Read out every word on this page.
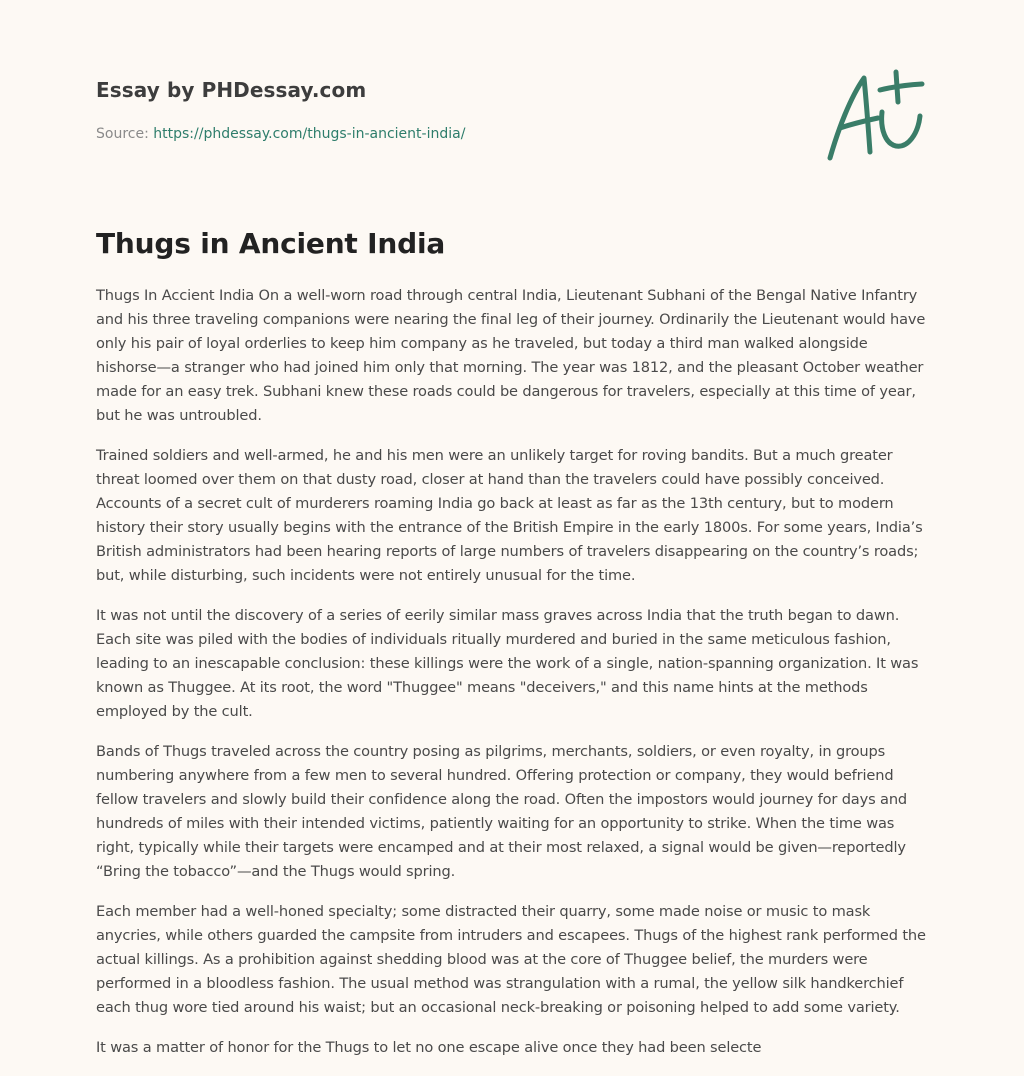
Essay by PHDessay.com
Source: https://phdessay.com/thugs-in-ancient-india/
Thugs in Ancient India

Thugs In Accient India On a well-worn road through central India, Lieutenant Subhani of the Bengal Native Infantry and his three traveling companions were nearing the final leg of their journey. Ordinarily the Lieutenant would have only his pair of loyal orderlies to keep him company as he traveled, but today a third man walked alongside hishorse—a stranger who had joined him only that morning. The year was 1812, and the pleasant October weather made for an easy trek. Subhani knew these roads could be dangerous for travelers, especially at this time of year, but he was untroubled.

Trained soldiers and well-armed, he and his men were an unlikely target for roving bandits. But a much greater threat loomed over them on that dusty road, closer at hand than the travelers could have possibly conceived. Accounts of a secret cult of murderers roaming India go back at least as far as the 13th century, but to modern history their story usually begins with the entrance of the British Empire in the early 1800s. For some years, India’s British administrators had been hearing reports of large numbers of travelers disappearing on the country’s roads; but, while disturbing, such incidents were not entirely unusual for the time.

It was not until the discovery of a series of eerily similar mass graves across India that the truth began to dawn. Each site was piled with the bodies of individuals ritually murdered and buried in the same meticulous fashion, leading to an inescapable conclusion: these killings were the work of a single, nation-spanning organization. It was known as Thuggee. At its root, the word "Thuggee" means "deceivers," and this name hints at the methods employed by the cult.

Bands of Thugs traveled across the country posing as pilgrims, merchants, soldiers, or even royalty, in groups numbering anywhere from a few men to several hundred. Offering protection or company, they would befriend fellow travelers and slowly build their confidence along the road. Often the impostors would journey for days and hundreds of miles with their intended victims, patiently waiting for an opportunity to strike. When the time was right, typically while their targets were encamped and at their most relaxed, a signal would be given—reportedly “Bring the tobacco”—and the Thugs would spring.

Each member had a well-honed specialty; some distracted their quarry, some made noise or music to mask anycries, while others guarded the campsite from intruders and escapees. Thugs of the highest rank performed the actual killings. As a prohibition against shedding blood was at the core of Thuggee belief, the murders were performed in a bloodless fashion. The usual method was strangulation with a rumal, the yellow silk handkerchief each thug wore tied around his waist; but an occasional neck-breaking or poisoning helped to add some variety.

It was a matter of honor for the Thugs to let no one escape alive once they had been selecte
